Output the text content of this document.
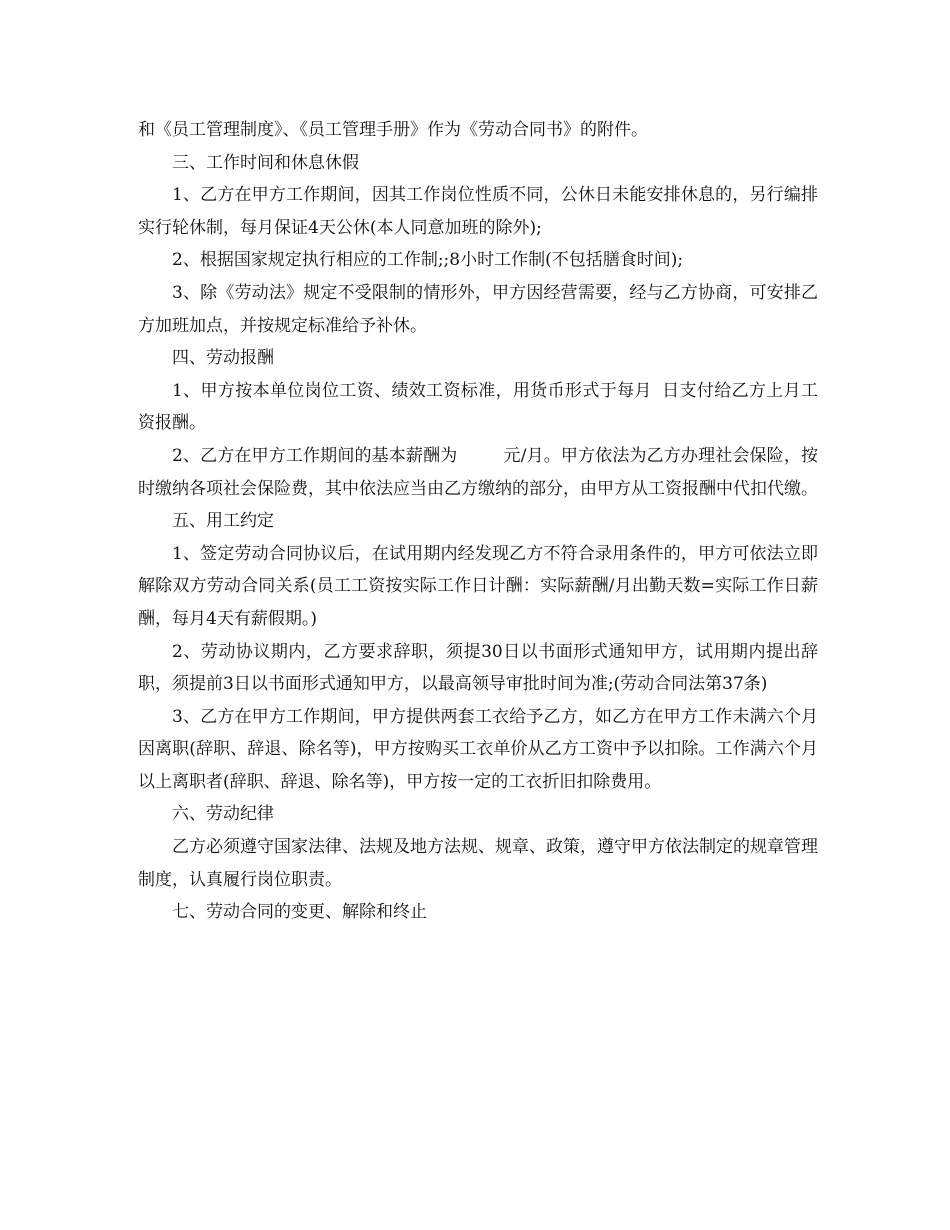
和《员工管理制度》、《员工管理手册》作为《劳动合同书》的附件。

三、工作时间和休息休假

1、乙方在甲方工作期间，因其工作岗位性质不同，公休日未能安排休息的，另行编排实行轮休制，每月保证4天公休(本人同意加班的除外);

2、根据国家规定执行相应的工作制;;8小时工作制(不包括膳食时间);

3、除《劳动法》规定不受限制的情形外，甲方因经营需要，经与乙方协商，可安排乙方加班加点，并按规定标准给予补休。

四、劳动报酬

1、甲方按本单位岗位工资、绩效工资标准，用货币形式于每月 日支付给乙方上月工资报酬。

2、乙方在甲方工作期间的基本薪酬为	元/月。甲方依法为乙方办理社会保险，按时缴纳各项社会保险费，其中依法应当由乙方缴纳的部分，由甲方从工资报酬中代扣代缴。

五、用工约定

1、签定劳动合同协议后，在试用期内经发现乙方不符合录用条件的，甲方可依法立即解除双方劳动合同关系(员工工资按实际工作日计酬：实际薪酬/月出勤天数=实际工作日薪酬，每月4天有薪假期。)

2、劳动协议期内，乙方要求辞职，须提30日以书面形式通知甲方，试用期内提出辞职，须提前3日以书面形式通知甲方，以最高领导审批时间为准;(劳动合同法第37条)

3、乙方在甲方工作期间，甲方提供两套工衣给予乙方，如乙方在甲方工作未满六个月因离职(辞职、辞退、除名等)，甲方按购买工衣单价从乙方工资中予以扣除。工作满六个月以上离职者(辞职、辞退、除名等)，甲方按一定的工衣折旧扣除费用。

六、劳动纪律

乙方必须遵守国家法律、法规及地方法规、规章、政策，遵守甲方依法制定的规章管理制度，认真履行岗位职责。

七、劳动合同的变更、解除和终止
